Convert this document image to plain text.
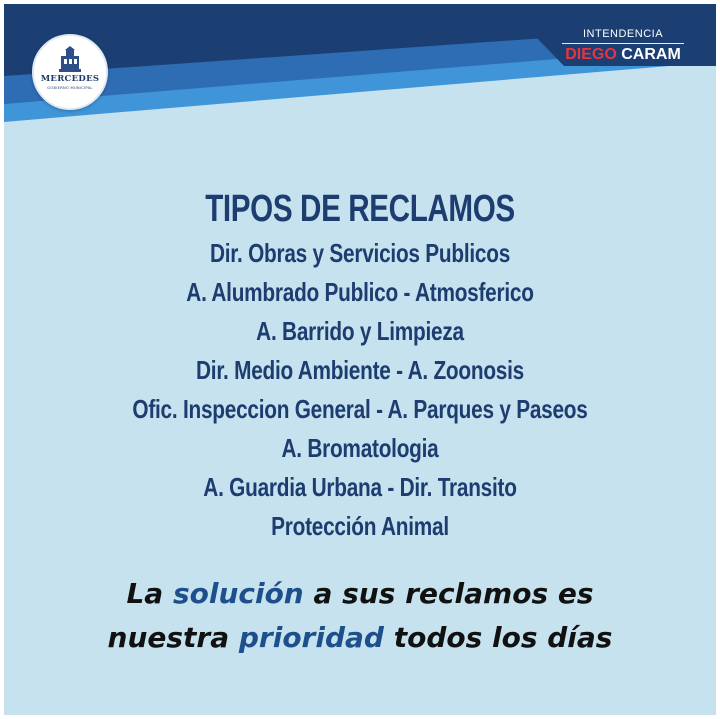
MERCEDES
GOBIERNO MUNICIPAL
INTENDENCIA
DIEGO CARAM
TIPOS DE RECLAMOS
Dir. Obras y Servicios Publicos
A. Alumbrado Publico - Atmosferico
A. Barrido y Limpieza
Dir. Medio Ambiente - A. Zoonosis
Ofic. Inspeccion General - A. Parques y Paseos
A. Bromatologia
A. Guardia Urbana - Dir. Transito
Protección Animal
La solución a sus reclamos es
nuestra prioridad todos los días
